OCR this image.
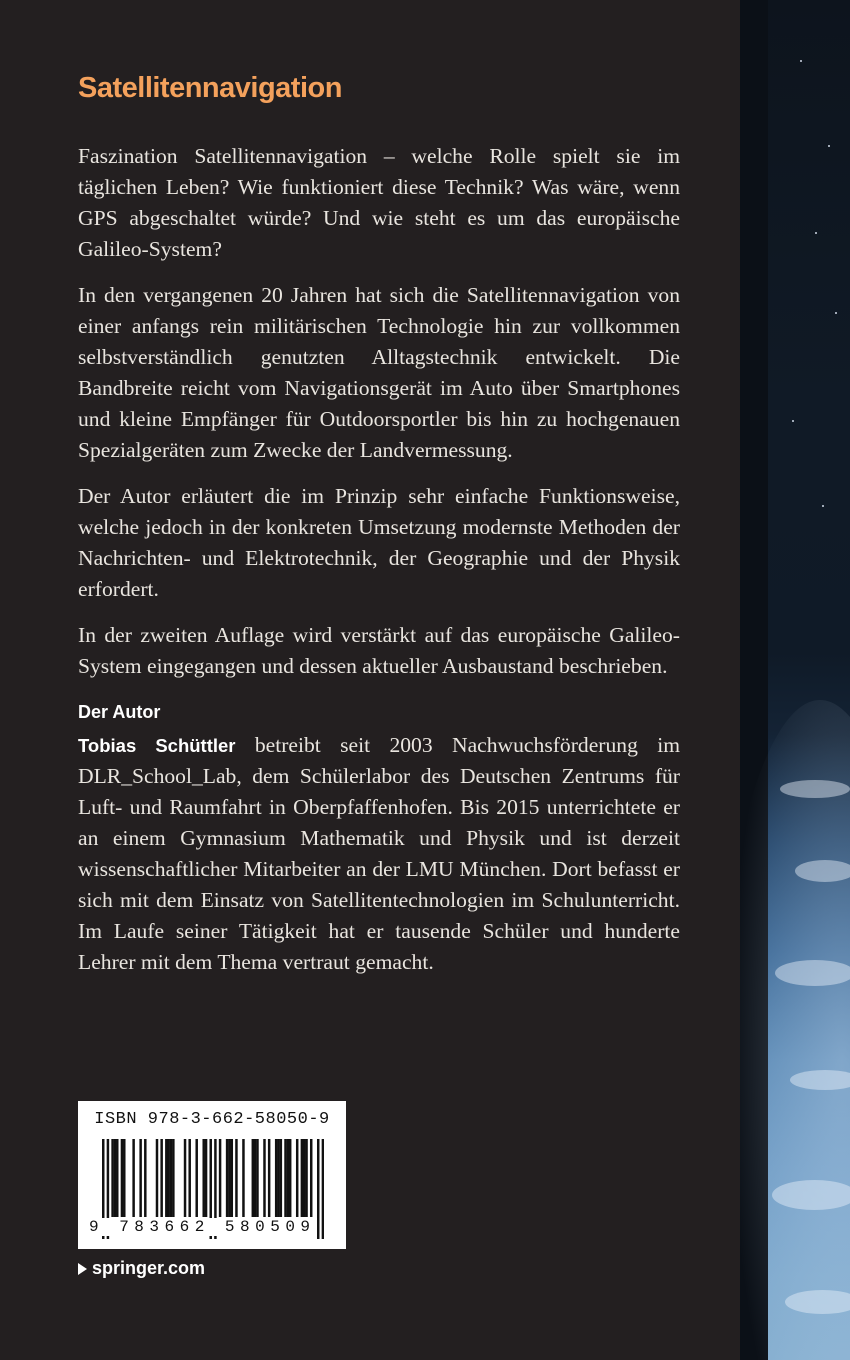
Satellitennavigation

Faszination Satellitennavigation – welche Rolle spielt sie im täglichen Leben? Wie funktioniert diese Technik? Was wäre, wenn GPS abgeschaltet würde? Und wie steht es um das europäische Galileo-System?

In den vergangenen 20 Jahren hat sich die Satellitennavigation von einer anfangs rein militärischen Technologie hin zur vollkommen selbstverständlich genutzten Alltagstechnik entwickelt. Die Bandbreite reicht vom Navigationsgerät im Auto über Smartphones und kleine Empfänger für Outdoorsportler bis hin zu hochgenauen Spezialgeräten zum Zwecke der Landvermessung.

Der Autor erläutert die im Prinzip sehr einfache Funktionsweise, welche jedoch in der konkreten Umsetzung modernste Methoden der Nachrichten- und Elektrotechnik, der Geographie und der Physik erfordert.

In der zweiten Auflage wird verstärkt auf das europäische Galileo-System eingegangen und dessen aktueller Ausbaustand beschrieben.

Der Autor

Tobias Schüttler betreibt seit 2003 Nachwuchsförderung im DLR_School_Lab, dem Schülerlabor des Deutschen Zentrums für Luft- und Raumfahrt in Oberpfaffenhofen. Bis 2015 unterrichtete er an einem Gymnasium Mathematik und Physik und ist derzeit wissenschaftlicher Mitarbeiter an der LMU München. Dort befasst er sich mit dem Einsatz von Satellitentechnologien im Schulunterricht. Im Laufe seiner Tätigkeit hat er tausende Schüler und hunderte Lehrer mit dem Thema vertraut gemacht.

ISBN 978-3-662-58050-9
9 783662 580509
springer.com
